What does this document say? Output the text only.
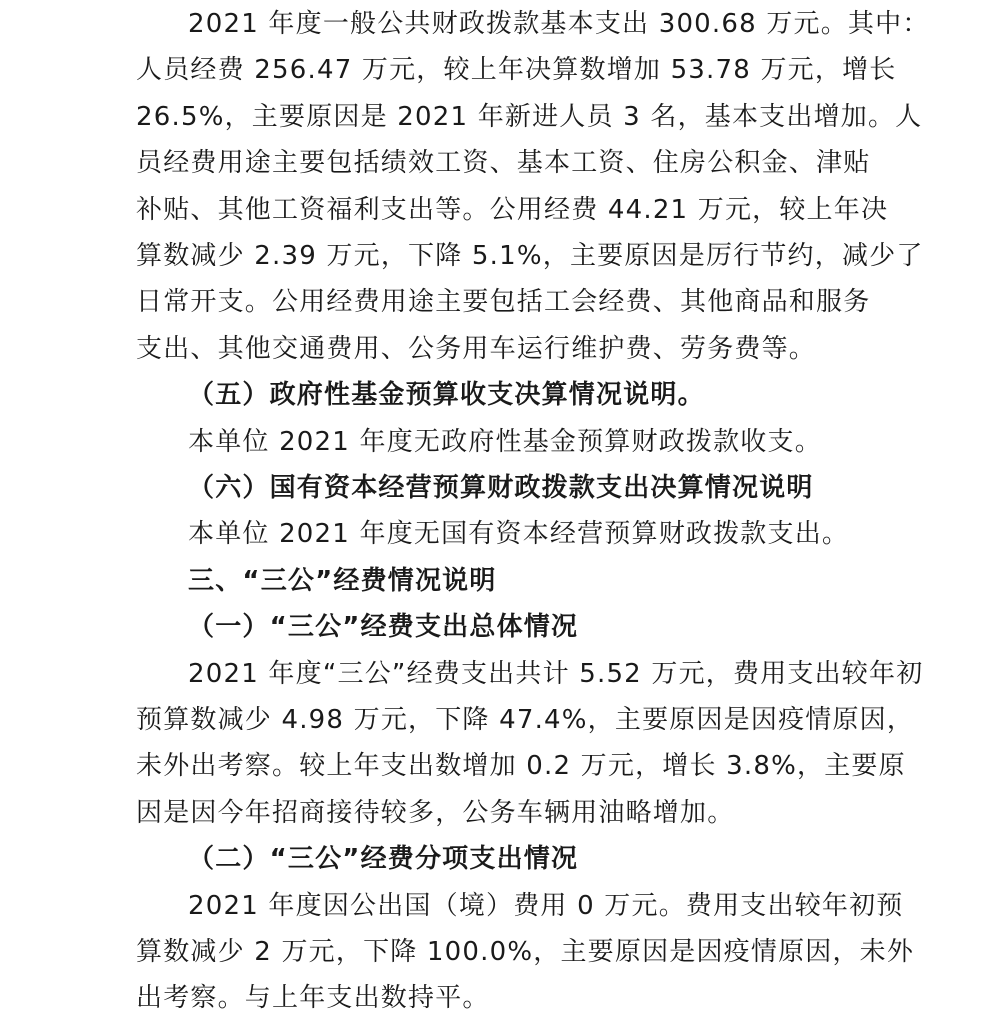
2021 年度一般公共财政拨款基本支出 300.68 万元。其中：
人员经费 256.47 万元，较上年决算数增加 53.78 万元，增长
26.5%，主要原因是 2021 年新进人员 3 名，基本支出增加。人
员经费用途主要包括绩效工资、基本工资、住房公积金、津贴
补贴、其他工资福利支出等。公用经费 44.21 万元，较上年决
算数减少 2.39 万元，下降 5.1%，主要原因是厉行节约，减少了
日常开支。公用经费用途主要包括工会经费、其他商品和服务
支出、其他交通费用、公务用车运行维护费、劳务费等。
（五）政府性基金预算收支决算情况说明。
本单位 2021 年度无政府性基金预算财政拨款收支。
（六）国有资本经营预算财政拨款支出决算情况说明
本单位 2021 年度无国有资本经营预算财政拨款支出。
三、“三公”经费情况说明
（一）“三公”经费支出总体情况
2021 年度“三公”经费支出共计 5.52 万元，费用支出较年初
预算数减少 4.98 万元，下降 47.4%，主要原因是因疫情原因，
未外出考察。较上年支出数增加 0.2 万元，增长 3.8%，主要原
因是因今年招商接待较多，公务车辆用油略增加。
（二）“三公”经费分项支出情况
2021 年度因公出国（境）费用 0 万元。费用支出较年初预
算数减少 2 万元，下降 100.0%，主要原因是因疫情原因，未外
出考察。与上年支出数持平。
